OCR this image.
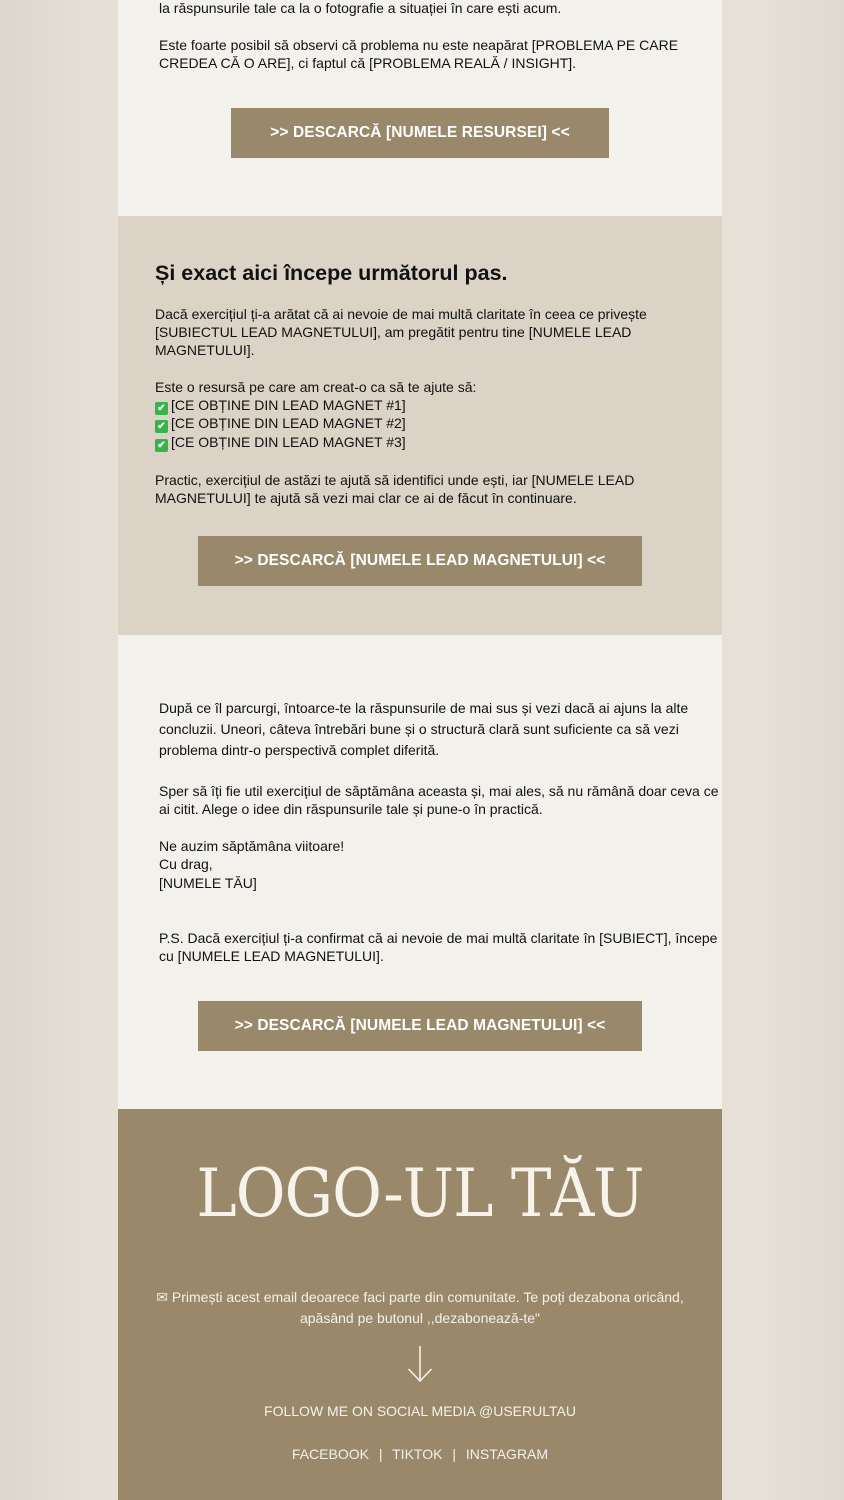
la răspunsurile tale ca la o fotografie a situației în care ești acum.

Este foarte posibil să observi că problema nu este neapărat [PROBLEMA PE CARE

CREDEA CĂ O ARE], ci faptul că [PROBLEMA REALĂ / INSIGHT].

>> DESCARCĂ [NUMELE RESURSEI] <<
Și exact aici începe următorul pas.

Dacă exercițiul ți-a arătat că ai nevoie de mai multă claritate în ceea ce privește

[SUBIECTUL LEAD MAGNETULUI], am pregătit pentru tine [NUMELE LEAD

MAGNETULUI].

Este o resursă pe care am creat-o ca să te ajute să:

✔ [CE OBȚINE DIN LEAD MAGNET #1]

✔ [CE OBȚINE DIN LEAD MAGNET #2]

✔ [CE OBȚINE DIN LEAD MAGNET #3]

Practic, exercițiul de astăzi te ajută să identifici unde ești, iar [NUMELE LEAD

MAGNETULUI] te ajută să vezi mai clar ce ai de făcut în continuare.

>> DESCARCĂ [NUMELE LEAD MAGNETULUI] <<

După ce îl parcurgi, întoarce-te la răspunsurile de mai sus și vezi dacă ai ajuns la alte

concluzii. Uneori, câteva întrebări bune și o structură clară sunt suficiente ca să vezi

problema dintr-o perspectivă complet diferită.

Sper să îți fie util exercițiul de săptămâna aceasta și, mai ales, să nu rămână doar ceva ce

ai citit. Alege o idee din răspunsurile tale și pune-o în practică.

Ne auzim săptămâna viitoare!

Cu drag,

[NUMELE TĂU]

P.S. Dacă exercițiul ți-a confirmat că ai nevoie de mai multă claritate în [SUBIECT], începe

cu [NUMELE LEAD MAGNETULUI].

>> DESCARCĂ [NUMELE LEAD MAGNETULUI] <<
LOGO-UL TĂU
✉ Primești acest email deoarece faci parte din comunitate. Te poți dezabona oricând,
apăsând pe butonul ,,dezabonează-te"
FOLLOW ME ON SOCIAL MEDIA @USERULTAU
FACEBOOK | TIKTOK | INSTAGRAM
